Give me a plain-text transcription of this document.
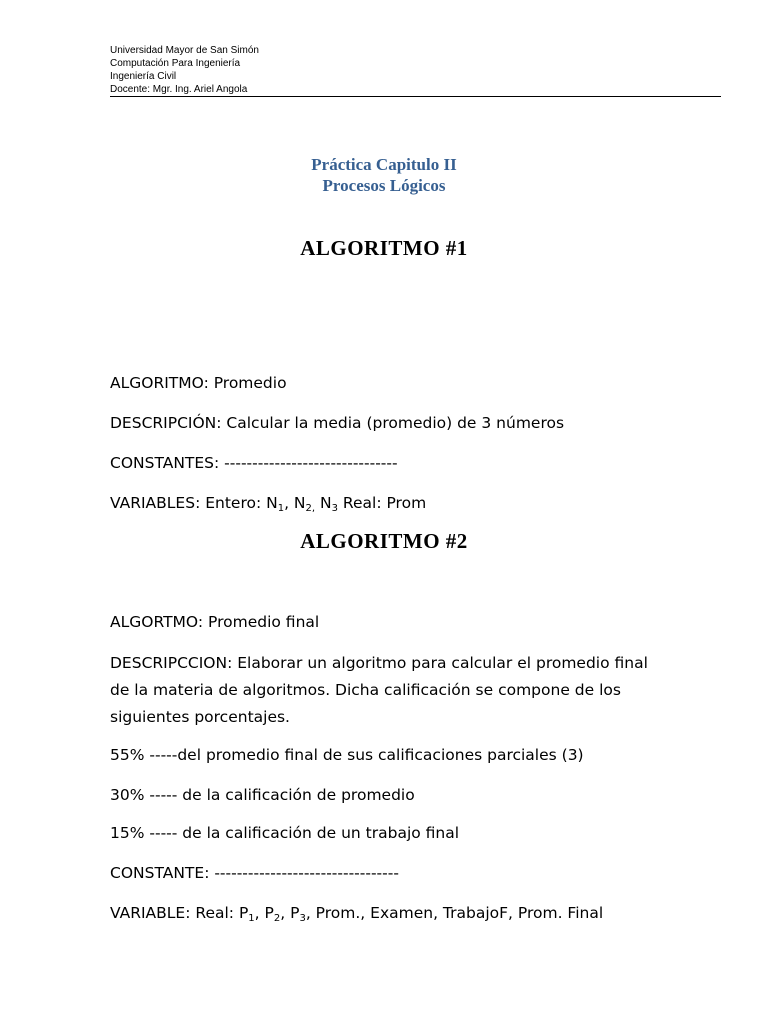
Universidad Mayor de San Simón
Computación Para Ingeniería
Ingeniería Civil
Docente: Mgr. Ing. Ariel Angola
Práctica Capitulo II
Procesos Lógicos
ALGORITMO #1
ALGORITMO: Promedio
DESCRIPCIÓN: Calcular la media (promedio) de 3 números
CONSTANTES: -------------------------------
VARIABLES: Entero: $N_1$, $N_{2,}$ $N_3$ Real: Prom
ALGORITMO #2
ALGORTMO: Promedio final
DESCRIPCCION: Elaborar un algoritmo para calcular el promedio final de la materia de algoritmos. Dicha calificación se compone de los siguientes porcentajes.
55% -----del promedio final de sus calificaciones parciales (3)
30% ----- de la calificación de promedio
15% ----- de la calificación de un trabajo final
CONSTANTE: ---------------------------------
VARIABLE: Real: $P_1$, $P_2$, $P_3$, Prom., Examen, TrabajoF, Prom. Final
